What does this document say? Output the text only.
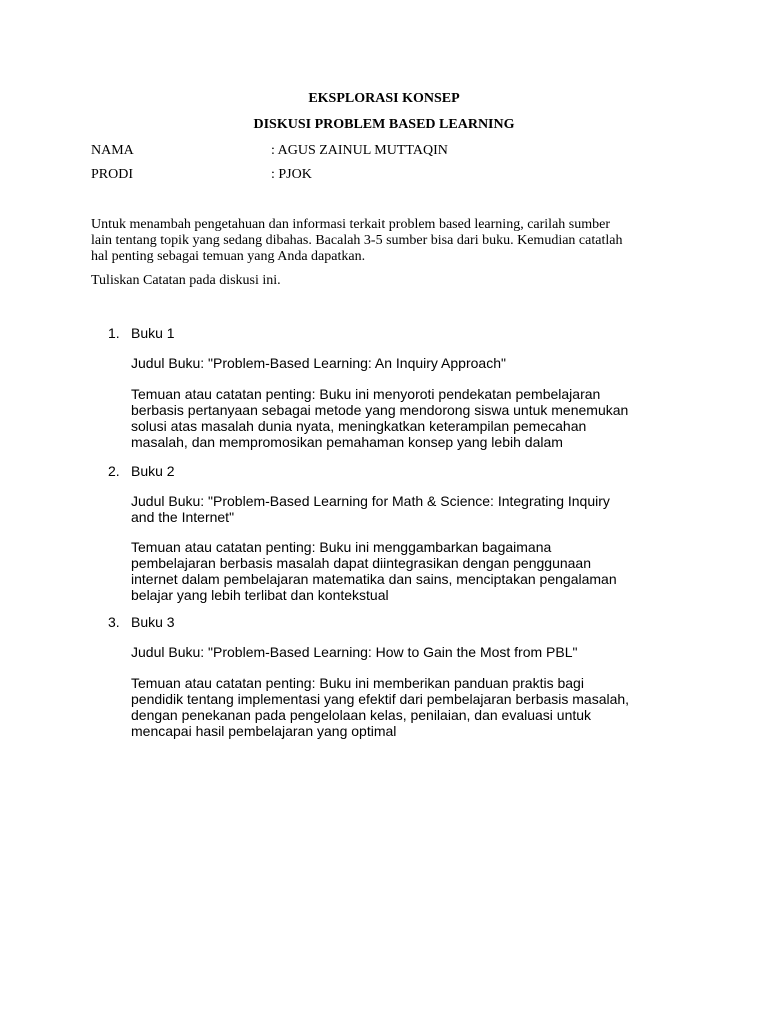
EKSPLORASI KONSEP
DISKUSI PROBLEM BASED LEARNING
NAMA	: AGUS ZAINUL MUTTAQIN
PRODI	: PJOK
Untuk menambah pengetahuan dan informasi terkait problem based learning, carilah sumber
lain tentang topik yang sedang dibahas. Bacalah 3-5 sumber bisa dari buku. Kemudian catatlah
hal penting sebagai temuan yang Anda dapatkan.
Tuliskan Catatan pada diskusi ini.
1. Buku 1
Judul Buku: "Problem-Based Learning: An Inquiry Approach"
Temuan atau catatan penting: Buku ini menyoroti pendekatan pembelajaran
berbasis pertanyaan sebagai metode yang mendorong siswa untuk menemukan
solusi atas masalah dunia nyata, meningkatkan keterampilan pemecahan
masalah, dan mempromosikan pemahaman konsep yang lebih dalam
2. Buku 2
Judul Buku: "Problem-Based Learning for Math & Science: Integrating Inquiry
and the Internet"
Temuan atau catatan penting: Buku ini menggambarkan bagaimana
pembelajaran berbasis masalah dapat diintegrasikan dengan penggunaan
internet dalam pembelajaran matematika dan sains, menciptakan pengalaman
belajar yang lebih terlibat dan kontekstual
3. Buku 3
Judul Buku: "Problem-Based Learning: How to Gain the Most from PBL"
Temuan atau catatan penting: Buku ini memberikan panduan praktis bagi
pendidik tentang implementasi yang efektif dari pembelajaran berbasis masalah,
dengan penekanan pada pengelolaan kelas, penilaian, dan evaluasi untuk
mencapai hasil pembelajaran yang optimal
